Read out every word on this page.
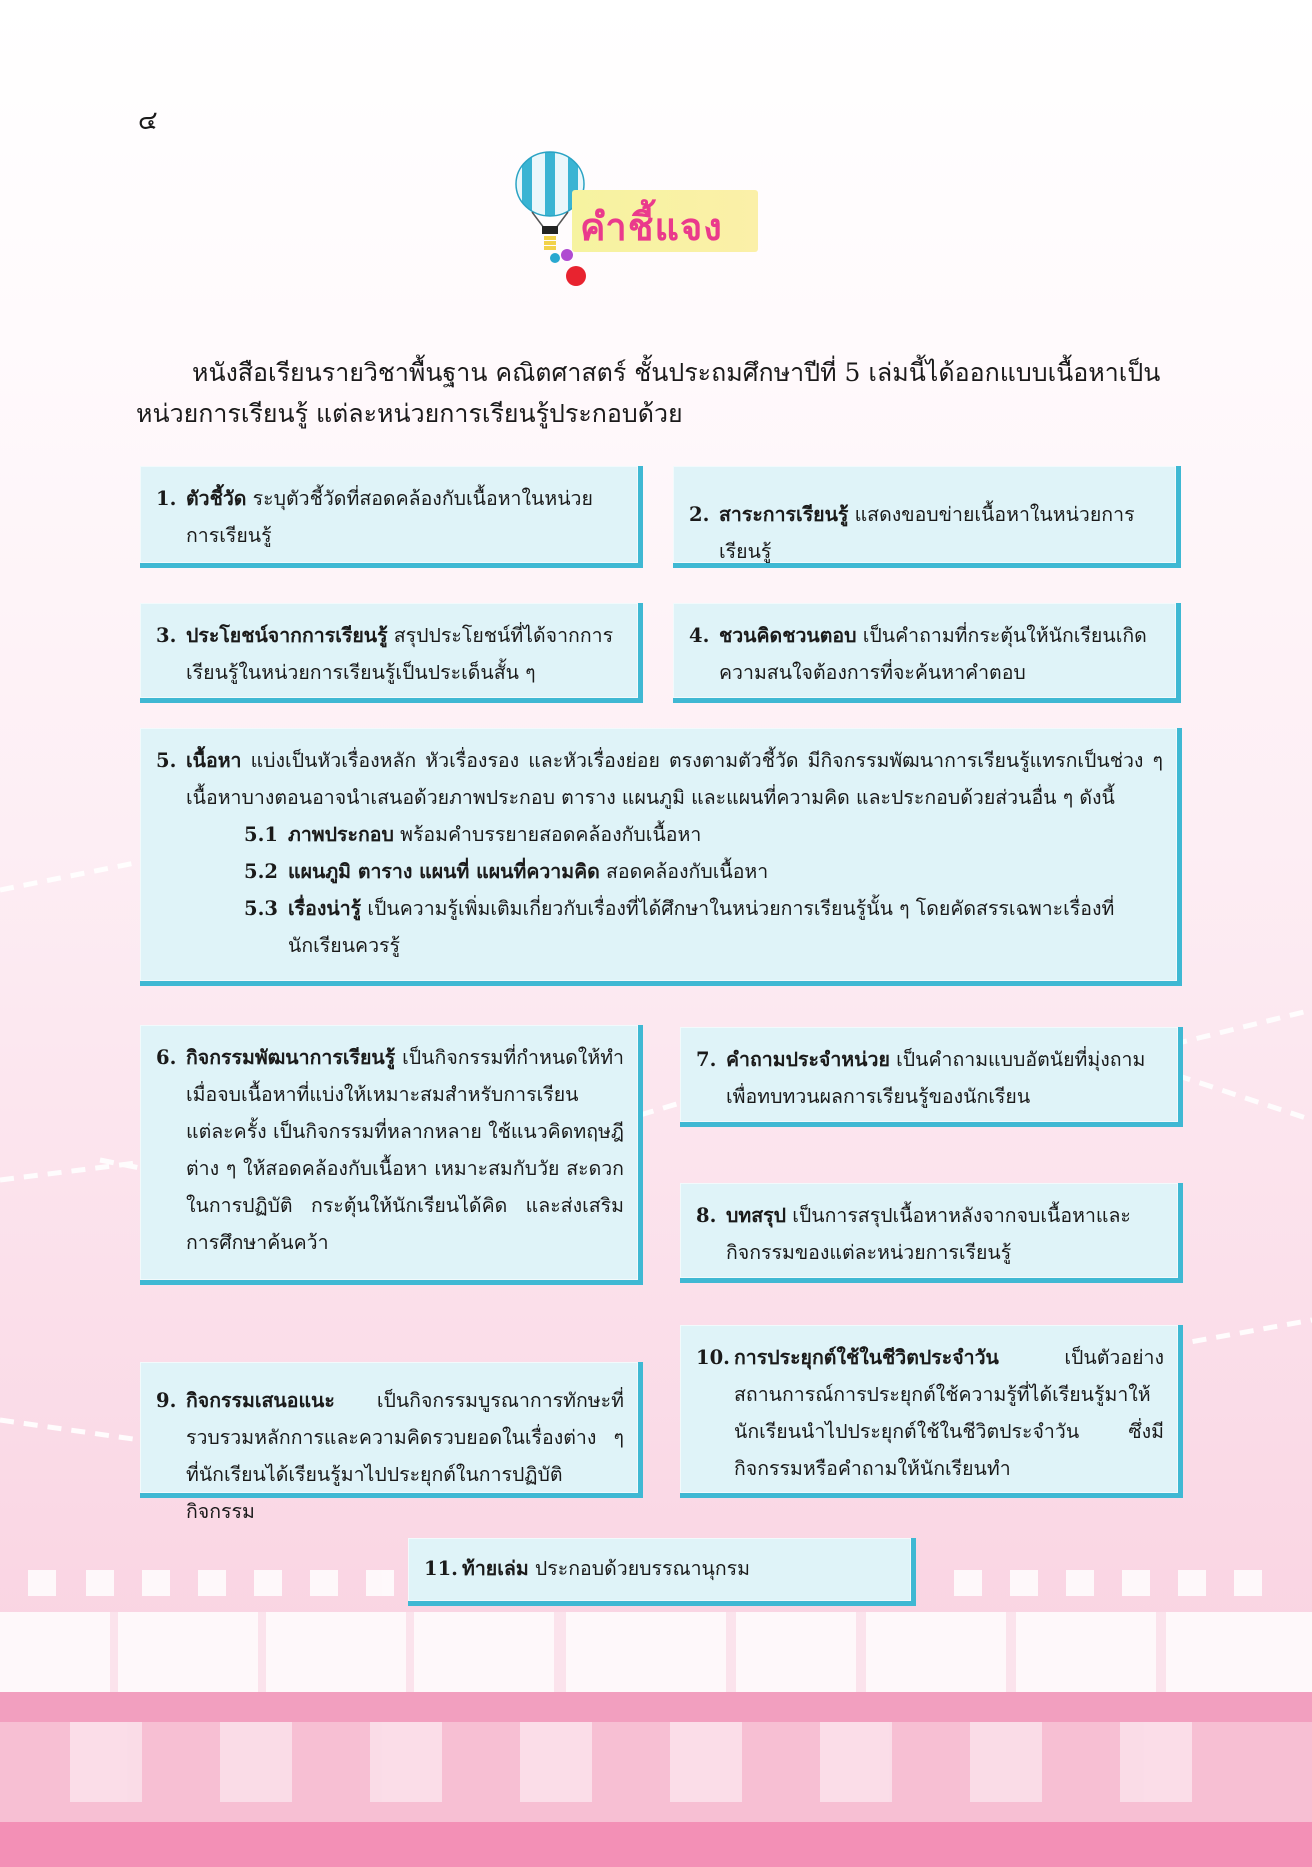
๔
คำชี้แจง

หนังสือเรียนรายวิชาพื้นฐาน คณิตศาสตร์ ชั้นประถมศึกษาปีที่ 5 เล่มนี้ได้ออกแบบเนื้อหาเป็นหน่วยการเรียนรู้ แต่ละหน่วยการเรียนรู้ประกอบด้วย

1. ตัวชี้วัด ระบุตัวชี้วัดที่สอดคล้องกับเนื้อหาในหน่วยการเรียนรู้
2. สาระการเรียนรู้ แสดงขอบข่ายเนื้อหาในหน่วยการเรียนรู้
3. ประโยชน์จากการเรียนรู้ สรุปประโยชน์ที่ได้จากการเรียนรู้ในหน่วยการเรียนรู้เป็นประเด็นสั้น ๆ
4. ชวนคิดชวนตอบ เป็นคำถามที่กระตุ้นให้นักเรียนเกิดความสนใจต้องการที่จะค้นหาคำตอบ
5. เนื้อหา แบ่งเป็นหัวเรื่องหลัก หัวเรื่องรอง และหัวเรื่องย่อย ตรงตามตัวชี้วัด มีกิจกรรมพัฒนาการเรียนรู้แทรกเป็นช่วง ๆ เนื้อหาบางตอนอาจนำเสนอด้วยภาพประกอบ ตาราง แผนภูมิ และแผนที่ความคิด และประกอบด้วยส่วนอื่น ๆ ดังนี้
5.1 ภาพประกอบ พร้อมคำบรรยายสอดคล้องกับเนื้อหา
5.2 แผนภูมิ ตาราง แผนที่ แผนที่ความคิด สอดคล้องกับเนื้อหา
5.3 เรื่องน่ารู้ เป็นความรู้เพิ่มเติมเกี่ยวกับเรื่องที่ได้ศึกษาในหน่วยการเรียนรู้นั้น ๆ โดยคัดสรรเฉพาะเรื่องที่นักเรียนควรรู้
6. กิจกรรมพัฒนาการเรียนรู้ เป็นกิจกรรมที่กำหนดให้ทำเมื่อจบเนื้อหาที่แบ่งให้เหมาะสมสำหรับการเรียนแต่ละครั้ง เป็นกิจกรรมที่หลากหลาย ใช้แนวคิดทฤษฎีต่าง ๆ ให้สอดคล้องกับเนื้อหา เหมาะสมกับวัย สะดวกในการปฏิบัติ กระตุ้นให้นักเรียนได้คิด และส่งเสริมการศึกษาค้นคว้า
7. คำถามประจำหน่วย เป็นคำถามแบบอัตนัยที่มุ่งถามเพื่อทบทวนผลการเรียนรู้ของนักเรียน
8. บทสรุป เป็นการสรุปเนื้อหาหลังจากจบเนื้อหาและกิจกรรมของแต่ละหน่วยการเรียนรู้
9. กิจกรรมเสนอแนะ เป็นกิจกรรมบูรณาการทักษะที่รวบรวมหลักการและความคิดรวบยอดในเรื่องต่าง ๆ ที่นักเรียนได้เรียนรู้มาไปประยุกต์ในการปฏิบัติกิจกรรม
10. การประยุกต์ใช้ในชีวิตประจำวัน	เป็นตัวอย่างสถานการณ์การประยุกต์ใช้ความรู้ที่ได้เรียนรู้มาให้นักเรียนนำไปประยุกต์ใช้ในชีวิตประจำวัน ซึ่งมีกิจกรรมหรือคำถามให้นักเรียนทำ
11. ท้ายเล่ม ประกอบด้วยบรรณานุกรม
